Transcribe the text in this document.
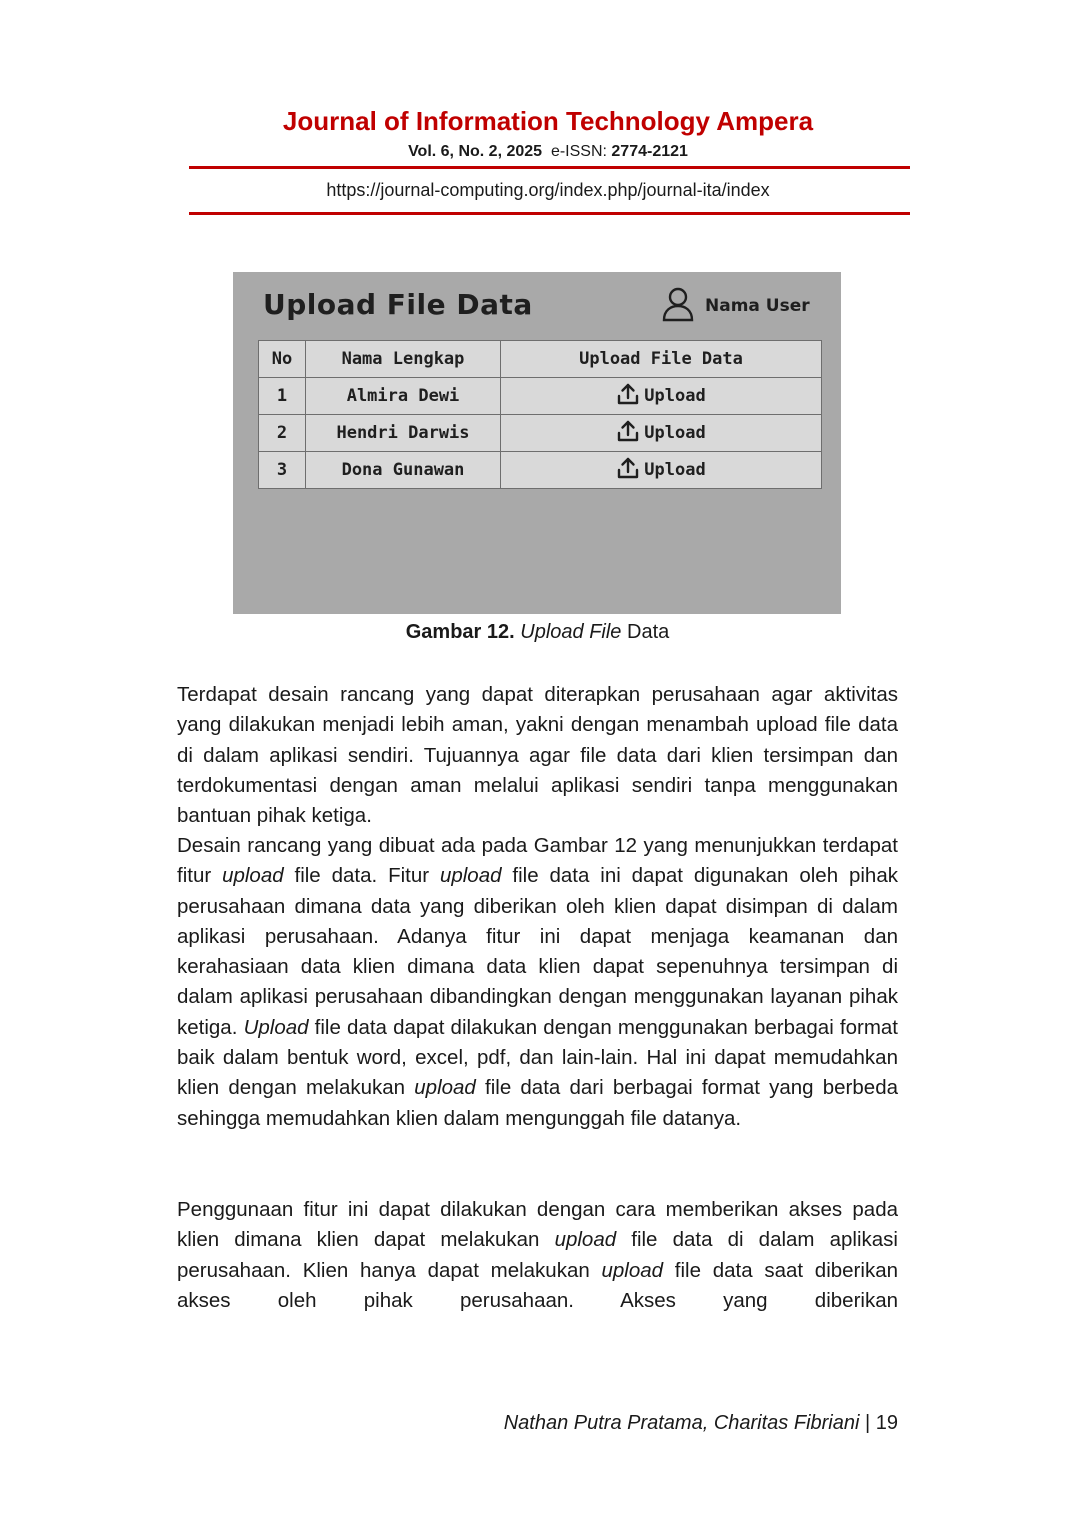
Journal of Information Technology Ampera

Vol. 6, No. 2, 2025 e-ISSN: 2774-2121

https://journal-computing.org/index.php/journal-ita/index

Upload File Data	Nama User
No	Nama Lengkap	Upload File Data
1	Almira Dewi	Upload

2	Hendri Darwis	Upload

3	Dona Gunawan	Upload
Gambar 12. Upload File Data

Terdapat desain rancang yang dapat diterapkan perusahaan agar aktivitas yang dilakukan menjadi lebih aman, yakni dengan menambah upload file data di dalam aplikasi sendiri. Tujuannya agar file data dari klien tersimpan dan terdokumentasi dengan aman melalui aplikasi sendiri tanpa menggunakan bantuan pihak ketiga.

Desain rancang yang dibuat ada pada Gambar 12 yang menunjukkan terdapat fitur upload file data. Fitur upload file data ini dapat digunakan oleh pihak perusahaan dimana data yang diberikan oleh klien dapat disimpan di dalam aplikasi perusahaan. Adanya fitur ini dapat menjaga keamanan dan kerahasiaan data klien dimana data klien dapat sepenuhnya tersimpan di dalam aplikasi perusahaan dibandingkan dengan menggunakan layanan pihak ketiga. Upload file data dapat dilakukan dengan menggunakan berbagai format baik dalam bentuk word, excel, pdf, dan lain-lain. Hal ini dapat memudahkan klien dengan melakukan upload file data dari berbagai format yang berbeda sehingga memudahkan klien dalam mengunggah file datanya.

Penggunaan fitur ini dapat dilakukan dengan cara memberikan akses pada klien dimana klien dapat melakukan upload file data di dalam aplikasi perusahaan. Klien hanya dapat melakukan upload file data saat diberikan akses oleh pihak perusahaan. Akses yang diberikan

Nathan Putra Pratama, Charitas Fibriani | 19
